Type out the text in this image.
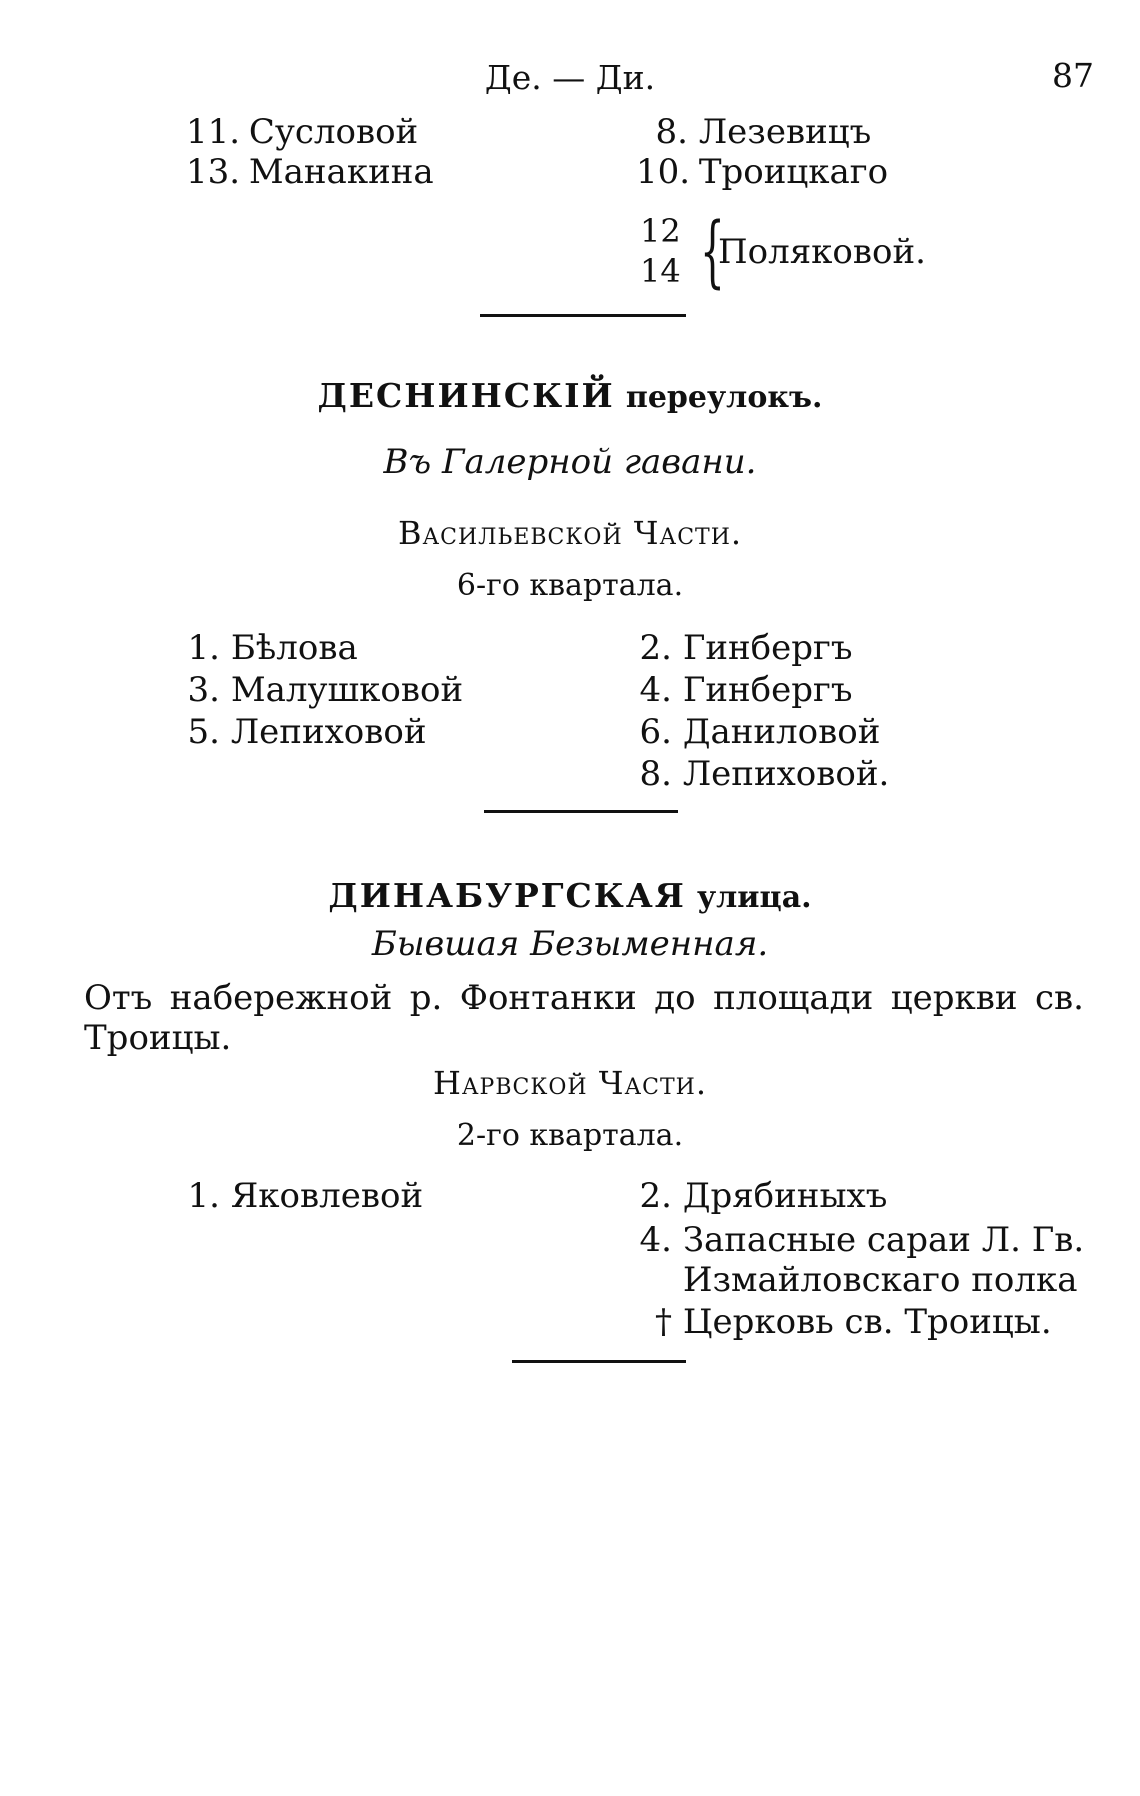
Де. — Ди.	87
11. Сусловой
13. Манакина
8. Лезевицъ
10. Троицкаго
12
14 {
Поляковой.
ДЕСНИНСКІЙ переулокъ.
Въ Галерной гавани.
Васильевской Части.
6-го квартала.
1. Бѣлова
3. Малушковой
5. Лепиховой
2. Гинбергъ
4. Гинбергъ
6. Даниловой
8. Лепиховой.
ДИНАБУРГСКАЯ улица.
Бывшая Безыменная.
Отъ набережной р. Фонтанки до площади церкви св.
Троицы.
Нарвской Части.
2-го квартала.
1. Яковлевой	2. Дрябиныхъ
4. Запасные сараи Л. Гв.
Измайловскаго полка
† Церковь св. Троицы.
